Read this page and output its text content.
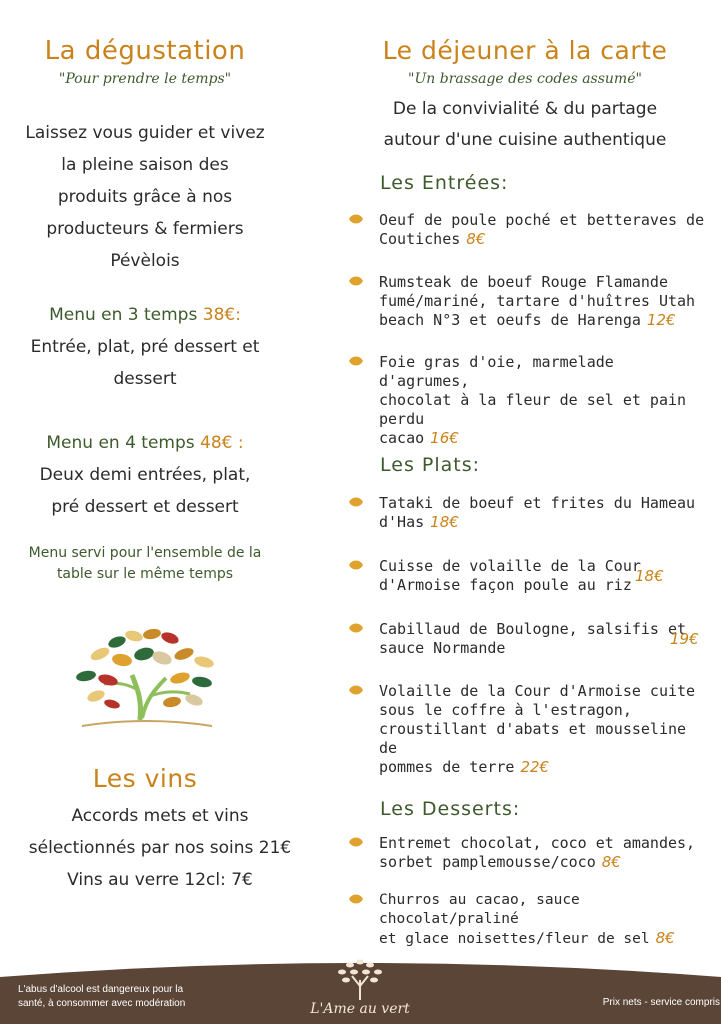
La dégustation
"Pour prendre le temps"
Laissez vous guider et vivez
la pleine saison des
produits grâce à nos
producteurs & fermiers
Pévèlois
Menu en 3 temps 38€:
Entrée, plat, pré dessert et
dessert
Menu en 4 temps 48€ :
Deux demi entrées, plat,
pré dessert et dessert
Menu servi pour l'ensemble de la
table sur le même temps
Les vins
Accords mets et vins
sélectionnés par nos soins 21€
Vins au verre 12cl: 7€
Le déjeuner à la carte
"Un brassage des codes assumé"
De la convivialité & du partage
autour d'une cuisine authentique
Les Entrées:
Oeuf de poule poché et betteraves de
Coutiches 8€
Rumsteak de boeuf Rouge Flamande
fumé/mariné, tartare d'huîtres Utah
beach N°3 et oeufs de Harenga 12€
Foie gras d'oie, marmelade d'agrumes,
chocolat à la fleur de sel et pain perdu
cacao 16€
Les Plats:
Tataki de boeuf et frites du Hameau
d'Has 18€
Cuisse de volaille de la Cour
d'Armoise façon poule au riz 18€
Cabillaud de Boulogne, salsifis et
sauce Normande	19€
Volaille de la Cour d'Armoise cuite
sous le coffre à l'estragon,
croustillant d'abats et mousseline de
pommes de terre 22€
Les Desserts:
Entremet chocolat, coco et amandes,
sorbet pamplemousse/coco 8€
Churros au cacao, sauce chocolat/praliné
et glace noisettes/fleur de sel 8€
L'abus d'alcool est dangereux pour la
santé, à consommer avec modération	L'Ame au vert	Prix nets - service compris
